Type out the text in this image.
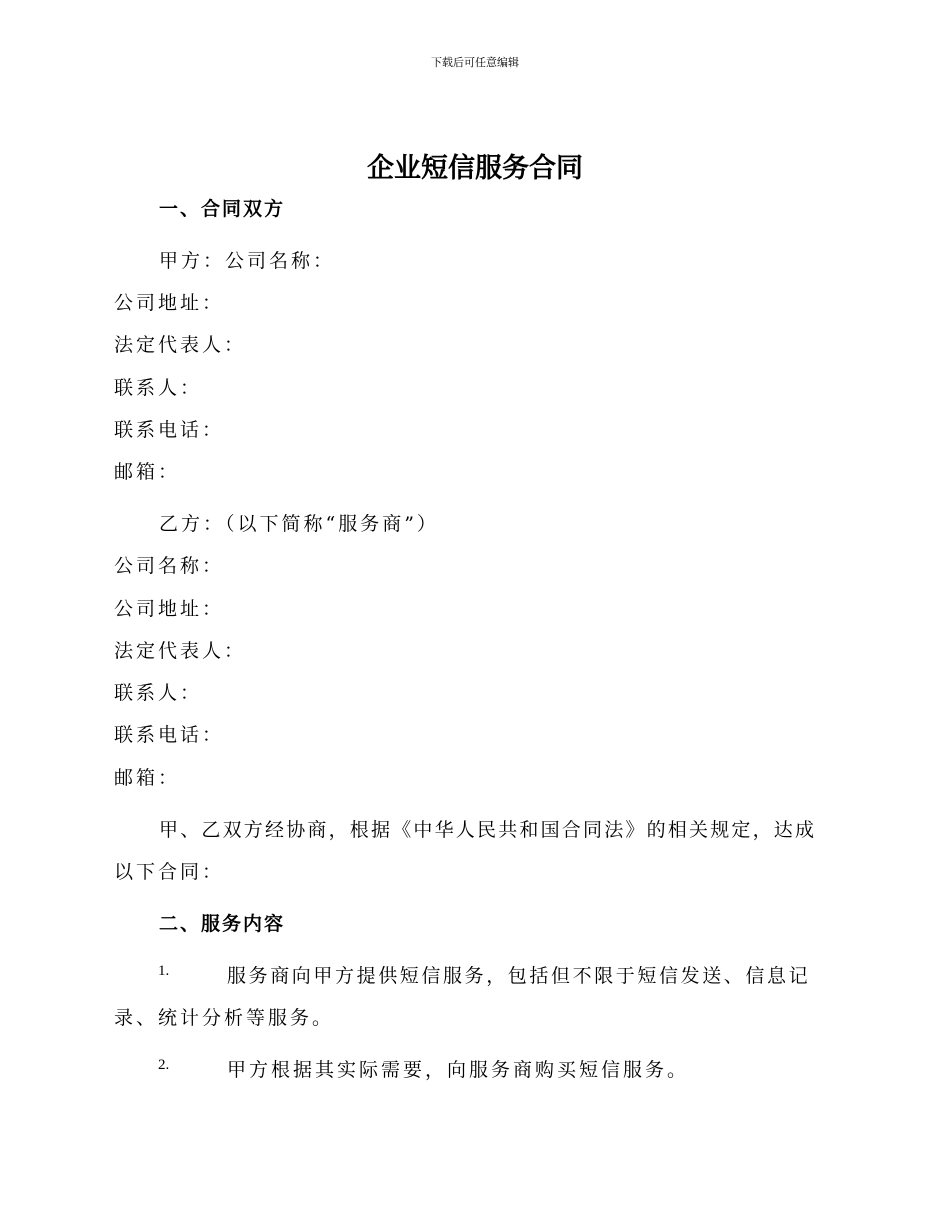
下载后可任意编辑
企业短信服务合同
一、合同双方
甲方：公司名称：
公司地址：
法定代表人：
联系人：
联系电话：
邮箱：
乙方：（以下简称“服务商”）
公司名称：
公司地址：
法定代表人：
联系人：
联系电话：
邮箱：
甲、乙双方经协商，根据《中华人民共和国合同法》的相关规定，达成
以下合同：
二、服务内容
1.	服务商向甲方提供短信服务，包括但不限于短信发送、信息记
录、统计分析等服务。
2.	甲方根据其实际需要，向服务商购买短信服务。
